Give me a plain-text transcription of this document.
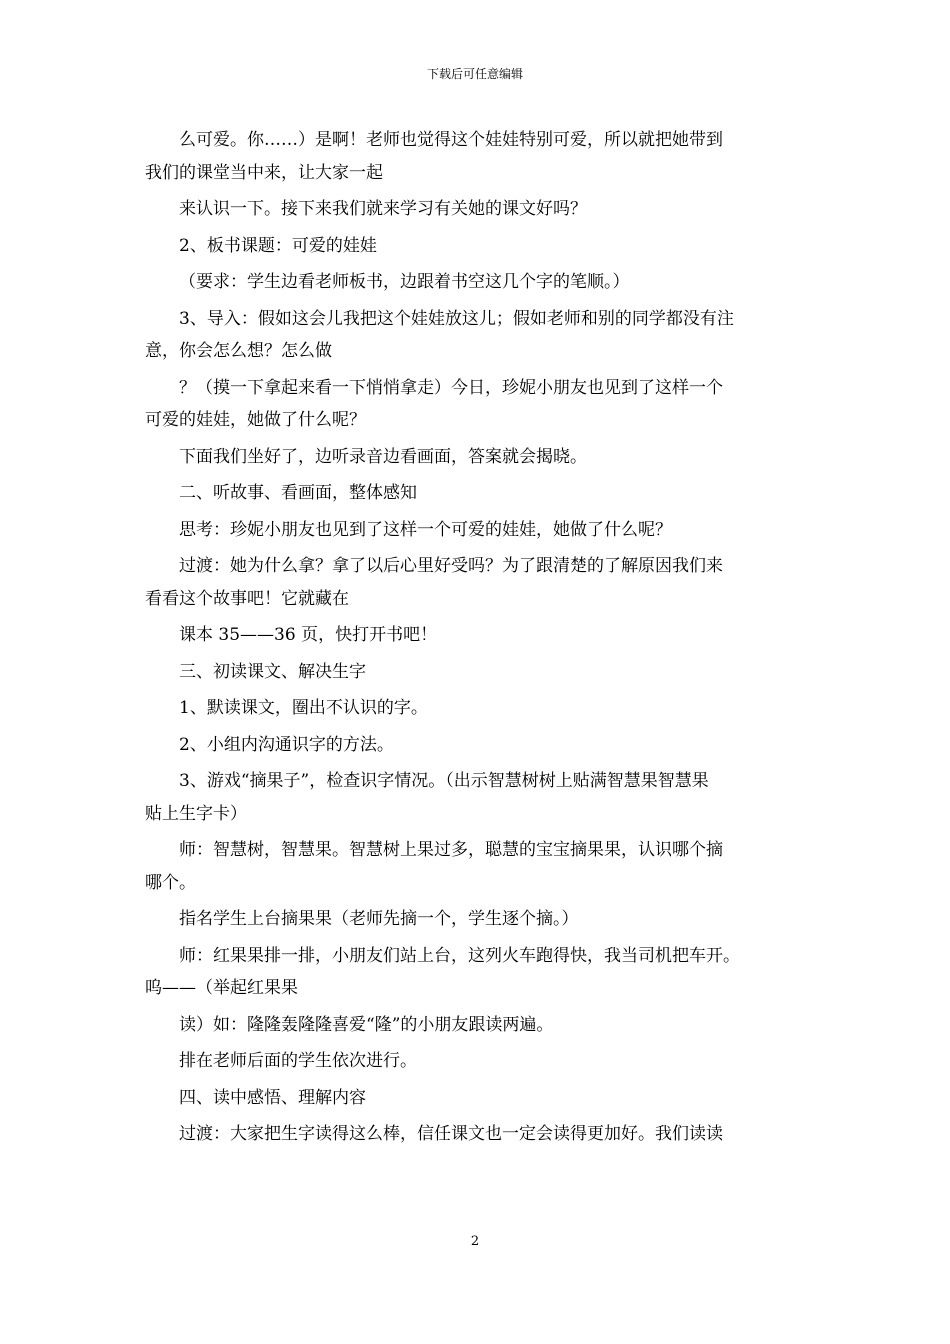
下载后可任意编辑
么可爱。你……）是啊！老师也觉得这个娃娃特别可爱，所以就把她带到
我们的课堂当中来，让大家一起
来认识一下。接下来我们就来学习有关她的课文好吗？
2、板书课题：可爱的娃娃
（要求：学生边看老师板书，边跟着书空这几个字的笔顺。）
3、导入：假如这会儿我把这个娃娃放这儿；假如老师和别的同学都没有注
意，你会怎么想？怎么做
？（摸一下拿起来看一下悄悄拿走）今日，珍妮小朋友也见到了这样一个
可爱的娃娃，她做了什么呢？
下面我们坐好了，边听录音边看画面，答案就会揭晓。
二、听故事、看画面，整体感知
思考：珍妮小朋友也见到了这样一个可爱的娃娃，她做了什么呢？
过渡：她为什么拿？拿了以后心里好受吗？为了跟清楚的了解原因我们来
看看这个故事吧！它就藏在
课本 35——36 页，快打开书吧！
三、初读课文、解决生字
1、默读课文，圈出不认识的字。
2、小组内沟通识字的方法。
3、游戏“摘果子”，检查识字情况。（出示智慧树树上贴满智慧果智慧果
贴上生字卡）
师：智慧树，智慧果。智慧树上果过多，聪慧的宝宝摘果果，认识哪个摘
哪个。
指名学生上台摘果果（老师先摘一个，学生逐个摘。）
师：红果果排一排，小朋友们站上台，这列火车跑得快，我当司机把车开。
呜——（举起红果果
读）如：隆隆轰隆隆喜爱“隆”的小朋友跟读两遍。
排在老师后面的学生依次进行。
四、读中感悟、理解内容
过渡：大家把生字读得这么棒，信任课文也一定会读得更加好。我们读读
2
